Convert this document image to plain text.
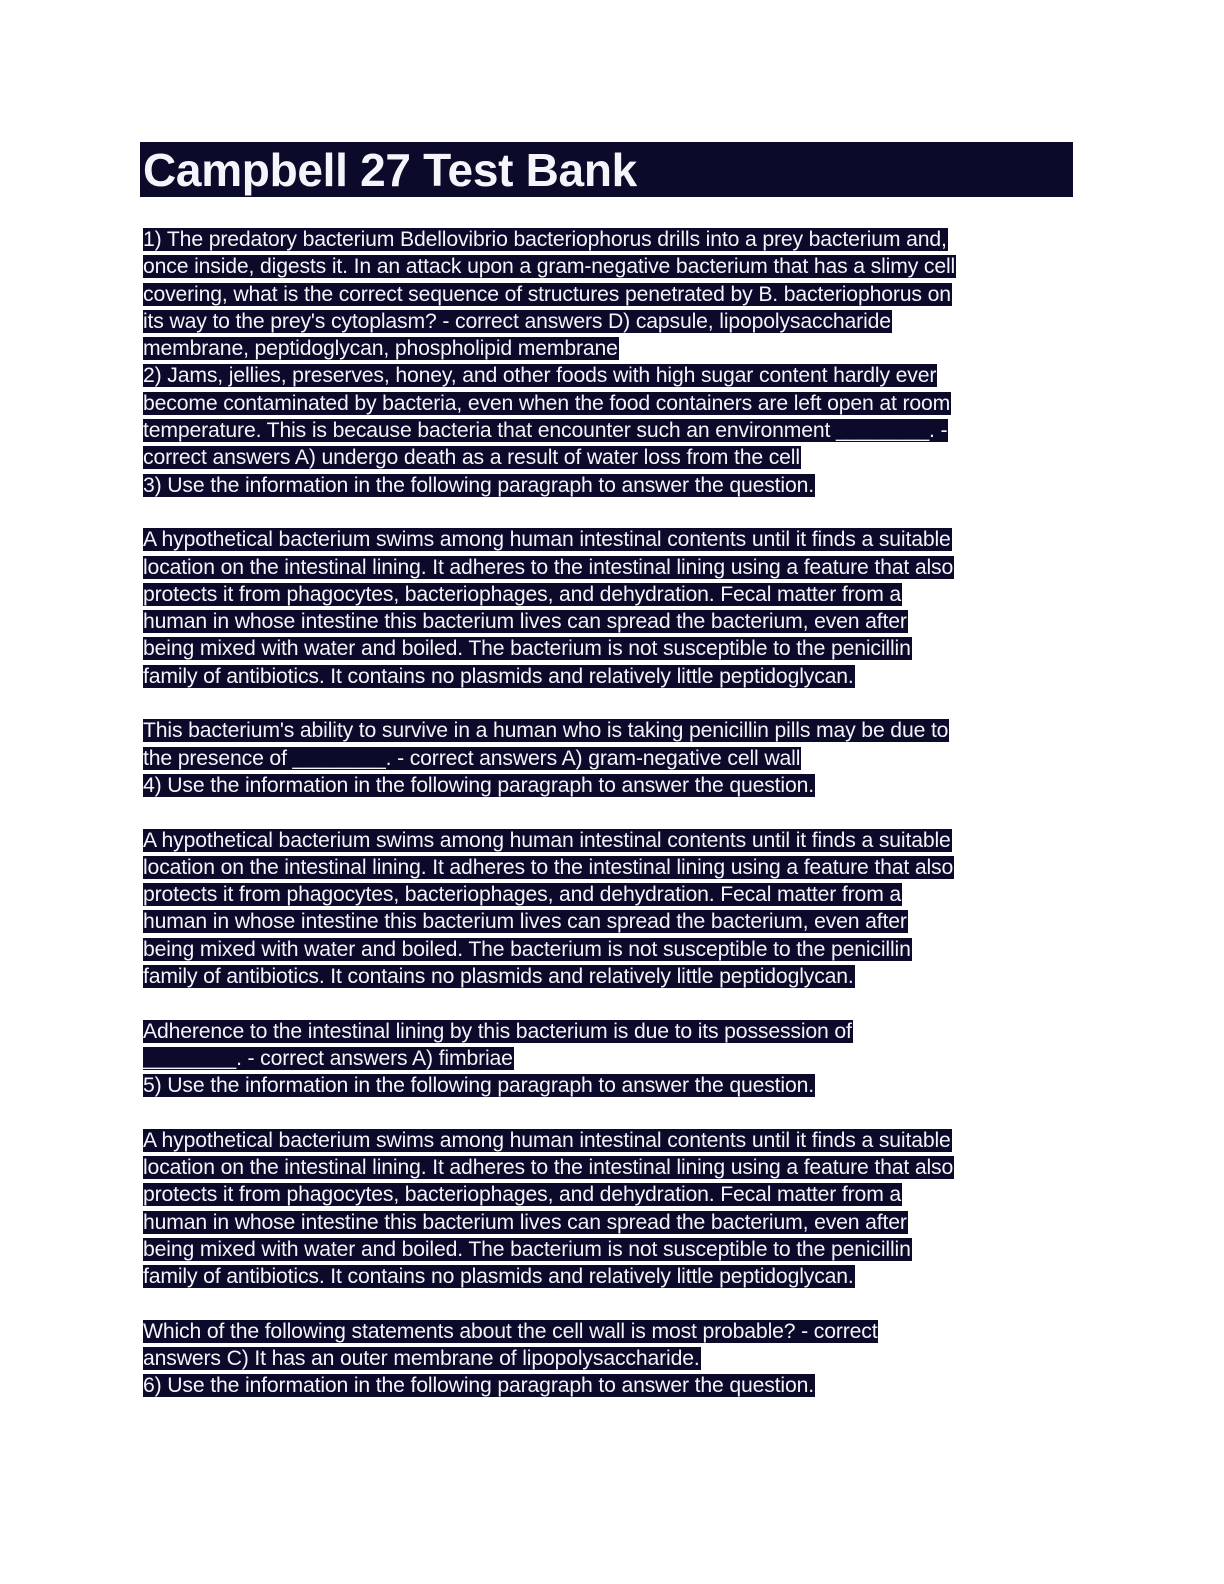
Campbell 27 Test Bank
1) The predatory bacterium Bdellovibrio bacteriophorus drills into a prey bacterium and,
once inside, digests it. In an attack upon a gram-negative bacterium that has a slimy cell
covering, what is the correct sequence of structures penetrated by B. bacteriophorus on
its way to the prey's cytoplasm? - correct answers D) capsule, lipopolysaccharide
membrane, peptidoglycan, phospholipid membrane
2) Jams, jellies, preserves, honey, and other foods with high sugar content hardly ever
become contaminated by bacteria, even when the food containers are left open at room
temperature. This is because bacteria that encounter such an environment ________. -
correct answers A) undergo death as a result of water loss from the cell
3) Use the information in the following paragraph to answer the question.
A hypothetical bacterium swims among human intestinal contents until it finds a suitable
location on the intestinal lining. It adheres to the intestinal lining using a feature that also
protects it from phagocytes, bacteriophages, and dehydration. Fecal matter from a
human in whose intestine this bacterium lives can spread the bacterium, even after
being mixed with water and boiled. The bacterium is not susceptible to the penicillin
family of antibiotics. It contains no plasmids and relatively little peptidoglycan.
This bacterium's ability to survive in a human who is taking penicillin pills may be due to
the presence of ________. - correct answers A) gram-negative cell wall
4) Use the information in the following paragraph to answer the question.
A hypothetical bacterium swims among human intestinal contents until it finds a suitable
location on the intestinal lining. It adheres to the intestinal lining using a feature that also
protects it from phagocytes, bacteriophages, and dehydration. Fecal matter from a
human in whose intestine this bacterium lives can spread the bacterium, even after
being mixed with water and boiled. The bacterium is not susceptible to the penicillin
family of antibiotics. It contains no plasmids and relatively little peptidoglycan.
Adherence to the intestinal lining by this bacterium is due to its possession of
________. - correct answers A) fimbriae
5) Use the information in the following paragraph to answer the question.
A hypothetical bacterium swims among human intestinal contents until it finds a suitable
location on the intestinal lining. It adheres to the intestinal lining using a feature that also
protects it from phagocytes, bacteriophages, and dehydration. Fecal matter from a
human in whose intestine this bacterium lives can spread the bacterium, even after
being mixed with water and boiled. The bacterium is not susceptible to the penicillin
family of antibiotics. It contains no plasmids and relatively little peptidoglycan.
Which of the following statements about the cell wall is most probable? - correct
answers C) It has an outer membrane of lipopolysaccharide.
6) Use the information in the following paragraph to answer the question.
